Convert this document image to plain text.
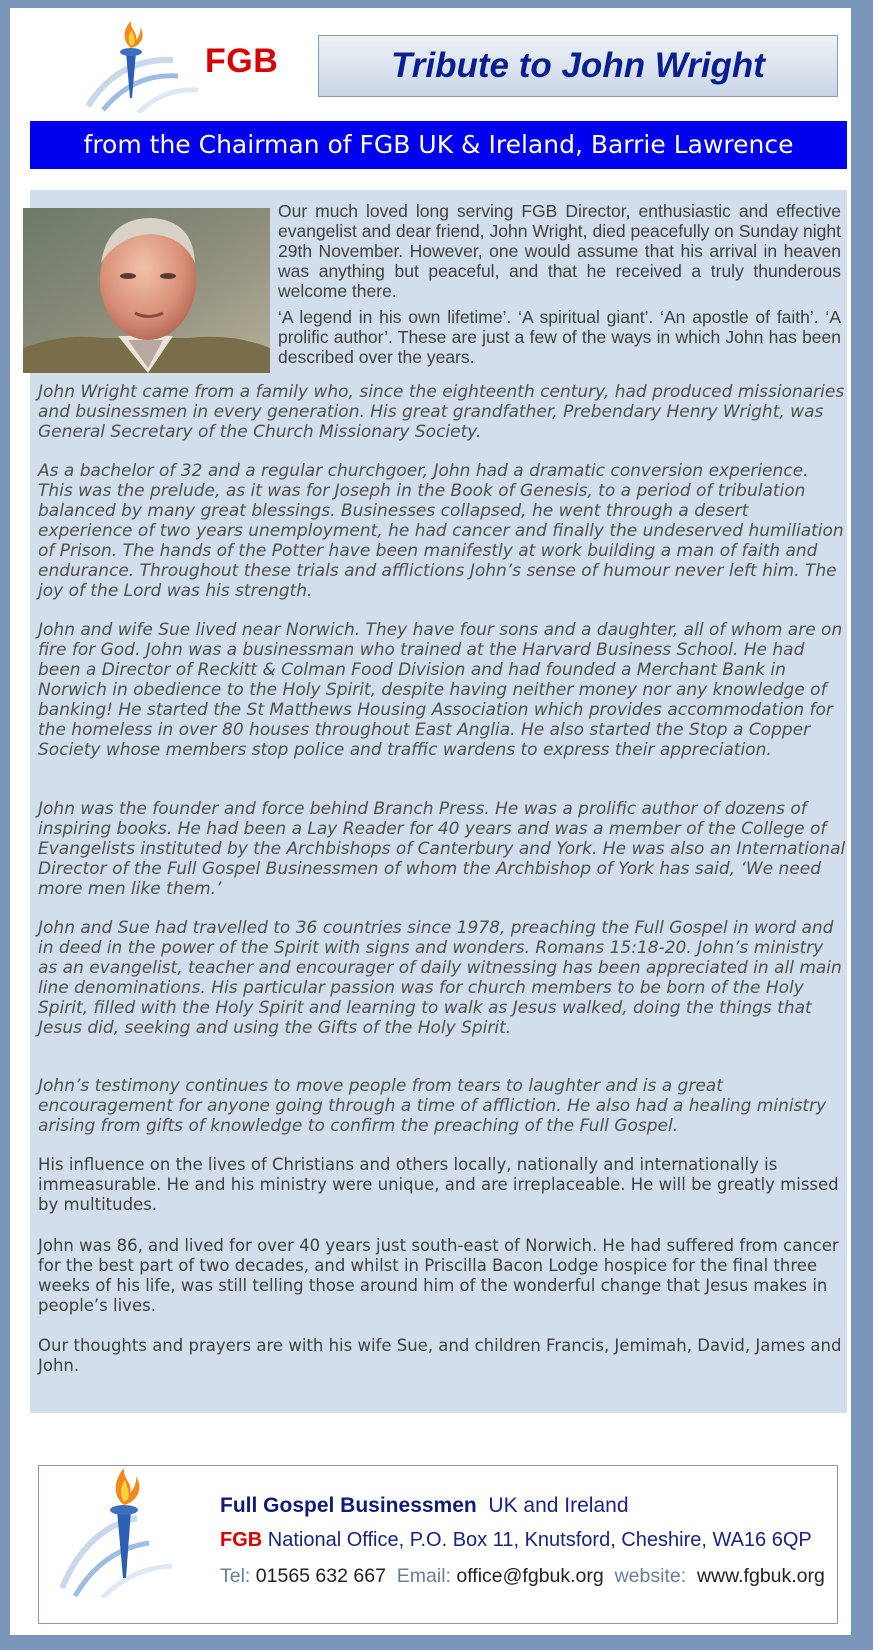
FGB	Tribute to John Wright
from the Chairman of FGB UK & Ireland, Barrie Lawrence

Our much loved long serving FGB Director, enthusiastic and effective evangelist and dear friend, John Wright, died peacefully on Sunday night 29th November. However, one would assume that his arrival in heaven was anything but peaceful, and that he received a truly thunderous welcome there.

‘A legend in his own lifetime’. ‘A spiritual giant’. ‘An apostle of faith’. ‘A prolific author’. These are just a few of the ways in which John has been described over the years.

John Wright came from a family who, since the eighteenth century, had produced missionaries and businessmen in every generation. His great grandfather, Prebendary Henry Wright, was General Secretary of the Church Missionary Society.

As a bachelor of 32 and a regular churchgoer, John had a dramatic conversion experience. This was the prelude, as it was for Joseph in the Book of Genesis, to a period of tribulation balanced by many great blessings. Businesses collapsed, he went through a desert experience of two years unemployment, he had cancer and finally the undeserved humiliation of Prison. The hands of the Potter have been manifestly at work building a man of faith and endurance. Throughout these trials and afflictions John’s sense of humour never left him. The joy of the Lord was his strength.

John and wife Sue lived near Norwich. They have four sons and a daughter, all of whom are on fire for God. John was a businessman who trained at the Harvard Business School. He had been a Director of Reckitt & Colman Food Division and had founded a Merchant Bank in Norwich in obedience to the Holy Spirit, despite having neither money nor any knowledge of banking! He started the St Matthews Housing Association which provides accommodation for the homeless in over 80 houses throughout East Anglia. He also started the Stop a Copper Society whose members stop police and traffic wardens to express their appreciation.

John was the founder and force behind Branch Press. He was a prolific author of dozens of inspiring books. He had been a Lay Reader for 40 years and was a member of the College of Evangelists instituted by the Archbishops of Canterbury and York. He was also an International Director of the Full Gospel Businessmen of whom the Archbishop of York has said, ‘We need more men like them.’

John and Sue had travelled to 36 countries since 1978, preaching the Full Gospel in word and in deed in the power of the Spirit with signs and wonders. Romans 15:18-20. John’s ministry as an evangelist, teacher and encourager of daily witnessing has been appreciated in all main line denominations. His particular passion was for church members to be born of the Holy Spirit, filled with the Holy Spirit and learning to walk as Jesus walked, doing the things that Jesus did, seeking and using the Gifts of the Holy Spirit.

John’s testimony continues to move people from tears to laughter and is a great encouragement for anyone going through a time of affliction. He also had a healing ministry arising from gifts of knowledge to confirm the preaching of the Full Gospel.

His influence on the lives of Christians and others locally, nationally and internationally is immeasurable. He and his ministry were unique, and are irreplaceable. He will be greatly missed by multitudes.

John was 86, and lived for over 40 years just south-east of Norwich. He had suffered from cancer for the best part of two decades, and whilst in Priscilla Bacon Lodge hospice for the final three weeks of his life, was still telling those around him of the wonderful change that Jesus makes in people’s lives.

Our thoughts and prayers are with his wife Sue, and children Francis, Jemimah, David, James and John.

Full Gospel Businessmen UK and Ireland
FGB National Office, P.O. Box 11, Knutsford, Cheshire, WA16 6QP
Tel: 01565 632 667 Email: office@fgbuk.org website: www.fgbuk.org
